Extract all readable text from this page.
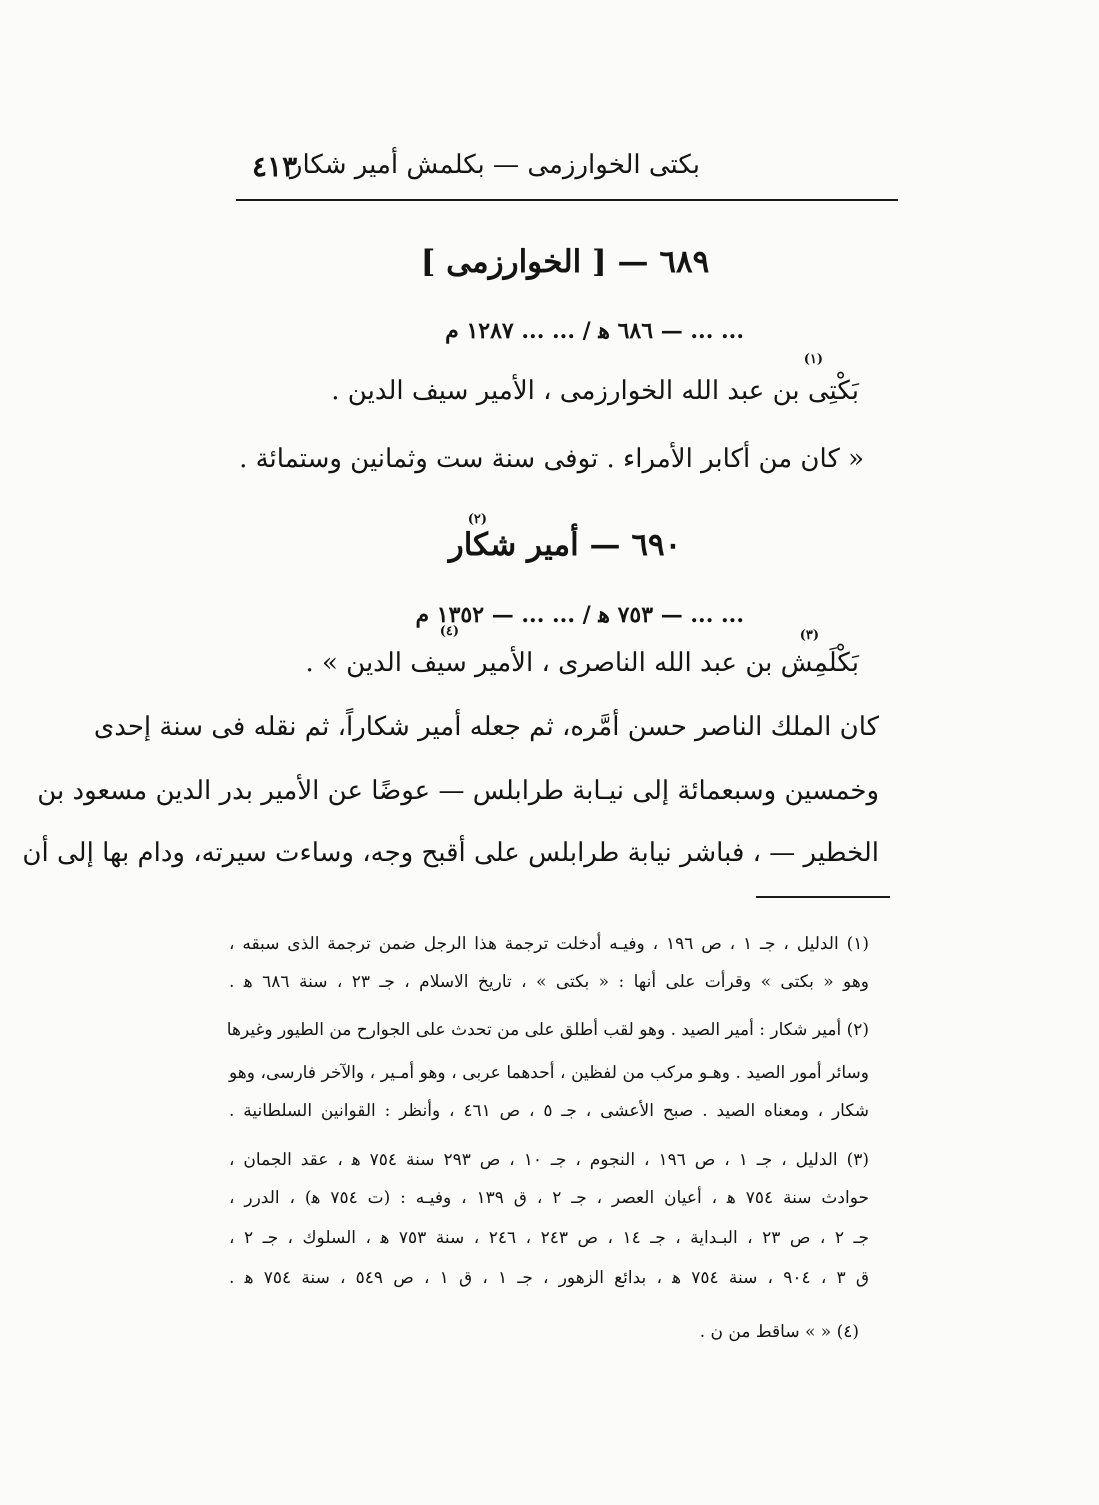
بكتى الخوارزمى — بكلمش أمير شكار
٤١٣
٦٨٩ — [ الخوارزمى ]
... ... — ٦٨٦ ﻫ / ... ... ١٢٨٧ م
(١)
بَكْتِى بن عبد الله الخوارزمى ، الأمير سيف الدين .
« كان من أكابر الأمراء . توفى سنة ست وثمانين وستمائة .
(٢)
٦٩٠ — أمير شكار
... ... — ٧٥٣ ﻫ / ... ... — ١٣٥٢ م
(٤)	(٣)
بَكْلَمِش بن عبد الله الناصرى ، الأمير سيف الدين » .
كان الملك الناصر حسن أمَّره، ثم جعله أمير شكاراً، ثم نقله فى سنة إحدى
وخمسين وسبعمائة إلى نيـابة طرابلس — عوضًا عن الأمير بدر الدين مسعود بن
الخطير — ، فباشر نيابة طرابلس على أقبح وجه، وساءت سيرته، ودام بها إلى أن
(١) الدليل ، جـ ١ ، ص ١٩٦ ، وفيـه أدخلت ترجمة هذا الرجل ضمن ترجمة الذى سبقه ،
وهو « بكتى » وقرأت على أنها : « بكتى » ، تاريخ الاسلام ، جـ ٢٣ ، سنة ٦٨٦ ﻫ .
(٢) أمير شكار : أمير الصيد . وهو لقب أطلق على من تحدث على الجوارح من الطيور وغيرها
وسائر أمور الصيد . وهـو مركب من لفظين ، أحدهما عربى ، وهو أمـير ، والآخر فارسى، وهو
شكار ، ومعناه الصيد . صبح الأعشى ، جـ ٥ ، ص ٤٦١ ، وأنظر : القوانين السلطانية .
(٣) الدليل ، جـ ١ ، ص ١٩٦ ، النجوم ، جـ ١٠ ، ص ٢٩٣ سنة ٧٥٤ ﻫ ، عقد الجمان ،
حوادث سنة ٧٥٤ ﻫ ، أعيان العصر ، جـ ٢ ، ق ١٣٩ ، وفيـه : (ت ٧٥٤ ﻫ) ، الدرر ،
جـ ٢ ، ص ٢٣ ، البـداية ، جـ ١٤ ، ص ٢٤٣ ، ٢٤٦ ، سنة ٧٥٣ ﻫ ، السلوك ، جـ ٢ ،
ق ٣ ، ٩٠٤ ، سنة ٧٥٤ ﻫ ، بدائع الزهور ، جـ ١ ، ق ١ ، ص ٥٤٩ ، سنة ٧٥٤ ﻫ .
(٤) « » ساقط من ن .
